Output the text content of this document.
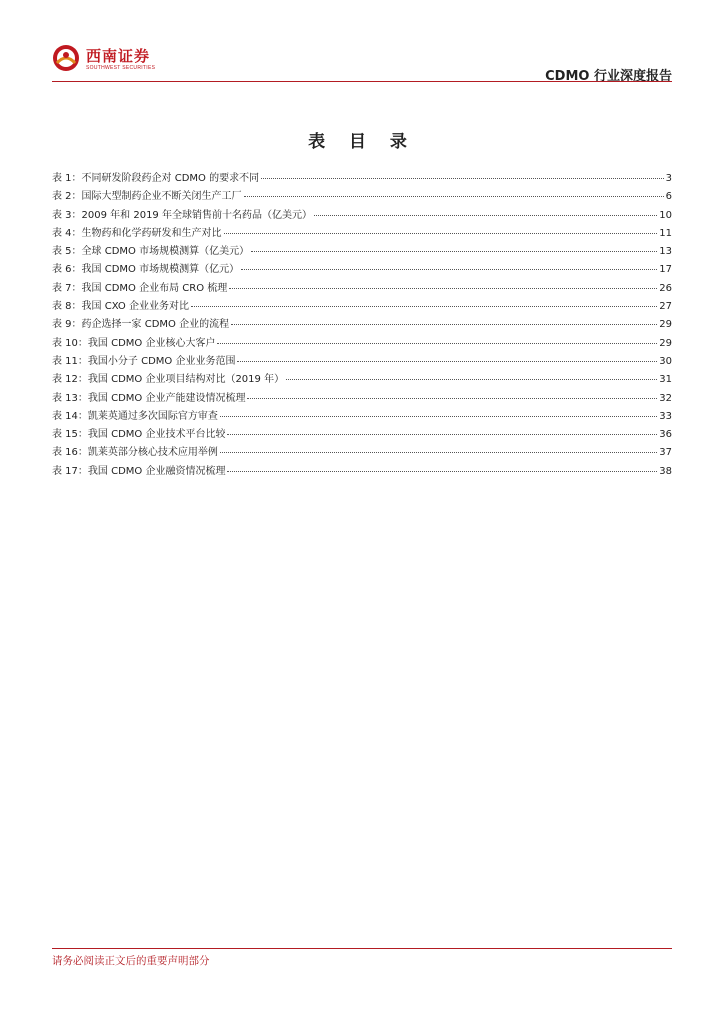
西南证券
SOUTHWEST SECURITIES
CDMO 行业深度报告
表 目 录
表 1：不同研发阶段药企对 CDMO 的要求不同	3
表 2：国际大型制药企业不断关闭生产工厂	6
表 3：2009 年和 2019 年全球销售前十名药品（亿美元）	10
表 4：生物药和化学药研发和生产对比	11
表 5：全球 CDMO 市场规模测算（亿美元）	13
表 6：我国 CDMO 市场规模测算（亿元）	17
表 7：我国 CDMO 企业布局 CRO 梳理	26
表 8：我国 CXO 企业业务对比	27
表 9：药企选择一家 CDMO 企业的流程	29
表 10：我国 CDMO 企业核心大客户	29
表 11：我国小分子 CDMO 企业业务范围	30
表 12：我国 CDMO 企业项目结构对比（2019 年）	31
表 13：我国 CDMO 企业产能建设情况梳理	32
表 14：凯莱英通过多次国际官方审查	33
表 15：我国 CDMO 企业技术平台比较	36
表 16：凯莱英部分核心技术应用举例	37
表 17：我国 CDMO 企业融资情况梳理	38
请务必阅读正文后的重要声明部分
